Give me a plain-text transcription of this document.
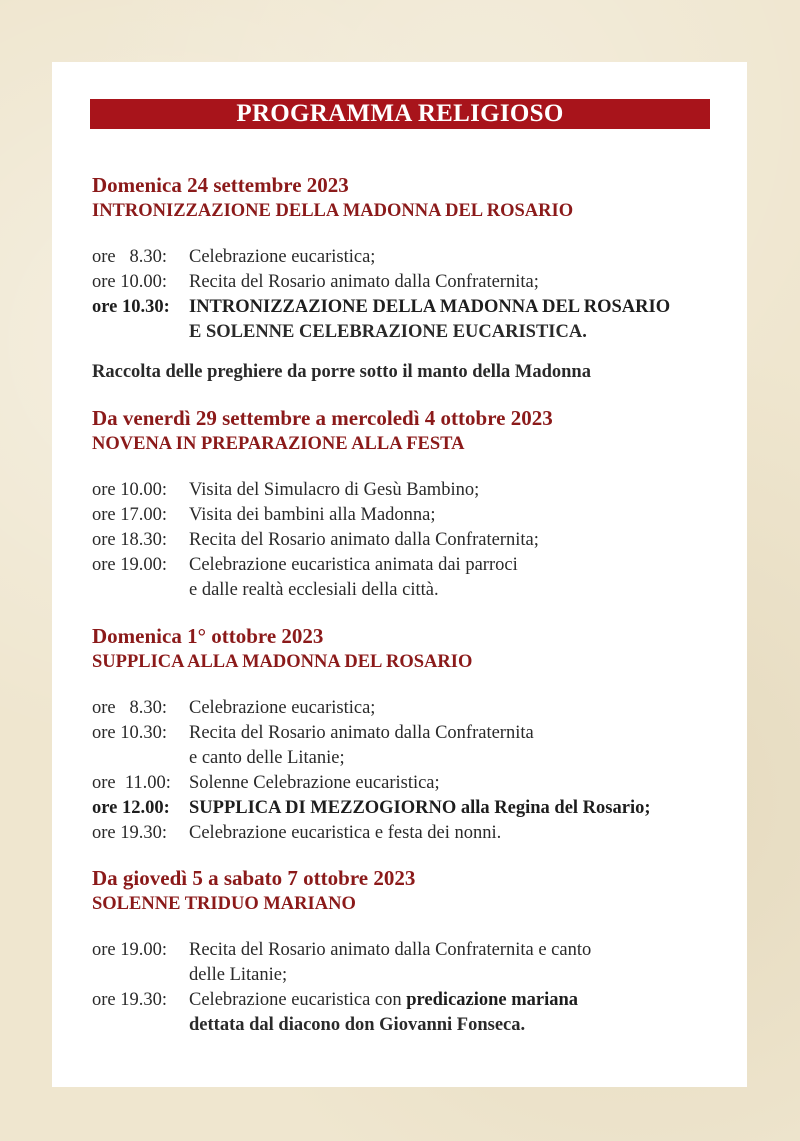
PROGRAMMA RELIGIOSO
Domenica 24 settembre 2023
INTRONIZZAZIONE DELLA MADONNA DEL ROSARIO
ore   8.30:	Celebrazione eucaristica;
ore 10.00:	Recita del Rosario animato dalla Confraternita;
ore 10.30:	INTRONIZZAZIONE DELLA MADONNA DEL ROSARIO
E SOLENNE CELEBRAZIONE EUCARISTICA.
Raccolta delle preghiere da porre sotto il manto della Madonna
Da venerdì 29 settembre a mercoledì 4 ottobre 2023
NOVENA IN PREPARAZIONE ALLA FESTA
ore 10.00:	Visita del Simulacro di Gesù Bambino;
ore 17.00:	Visita dei bambini alla Madonna;
ore 18.30:	Recita del Rosario animato dalla Confraternita;
ore 19.00:	Celebrazione eucaristica animata dai parroci
e dalle realtà ecclesiali della città.
Domenica 1° ottobre 2023
SUPPLICA ALLA MADONNA DEL ROSARIO
ore   8.30:	Celebrazione eucaristica;
ore 10.30:	Recita del Rosario animato dalla Confraternita
e canto delle Litanie;
ore  11.00: Solenne Celebrazione eucaristica;
ore 12.00:	SUPPLICA DI MEZZOGIORNO alla Regina del Rosario;
ore 19.30:	Celebrazione eucaristica e festa dei nonni.
Da giovedì 5 a sabato 7 ottobre 2023
SOLENNE TRIDUO MARIANO
ore 19.00:	Recita del Rosario animato dalla Confraternita e canto
delle Litanie;
ore 19.30:	Celebrazione eucaristica con predicazione mariana
dettata dal diacono don Giovanni Fonseca.
